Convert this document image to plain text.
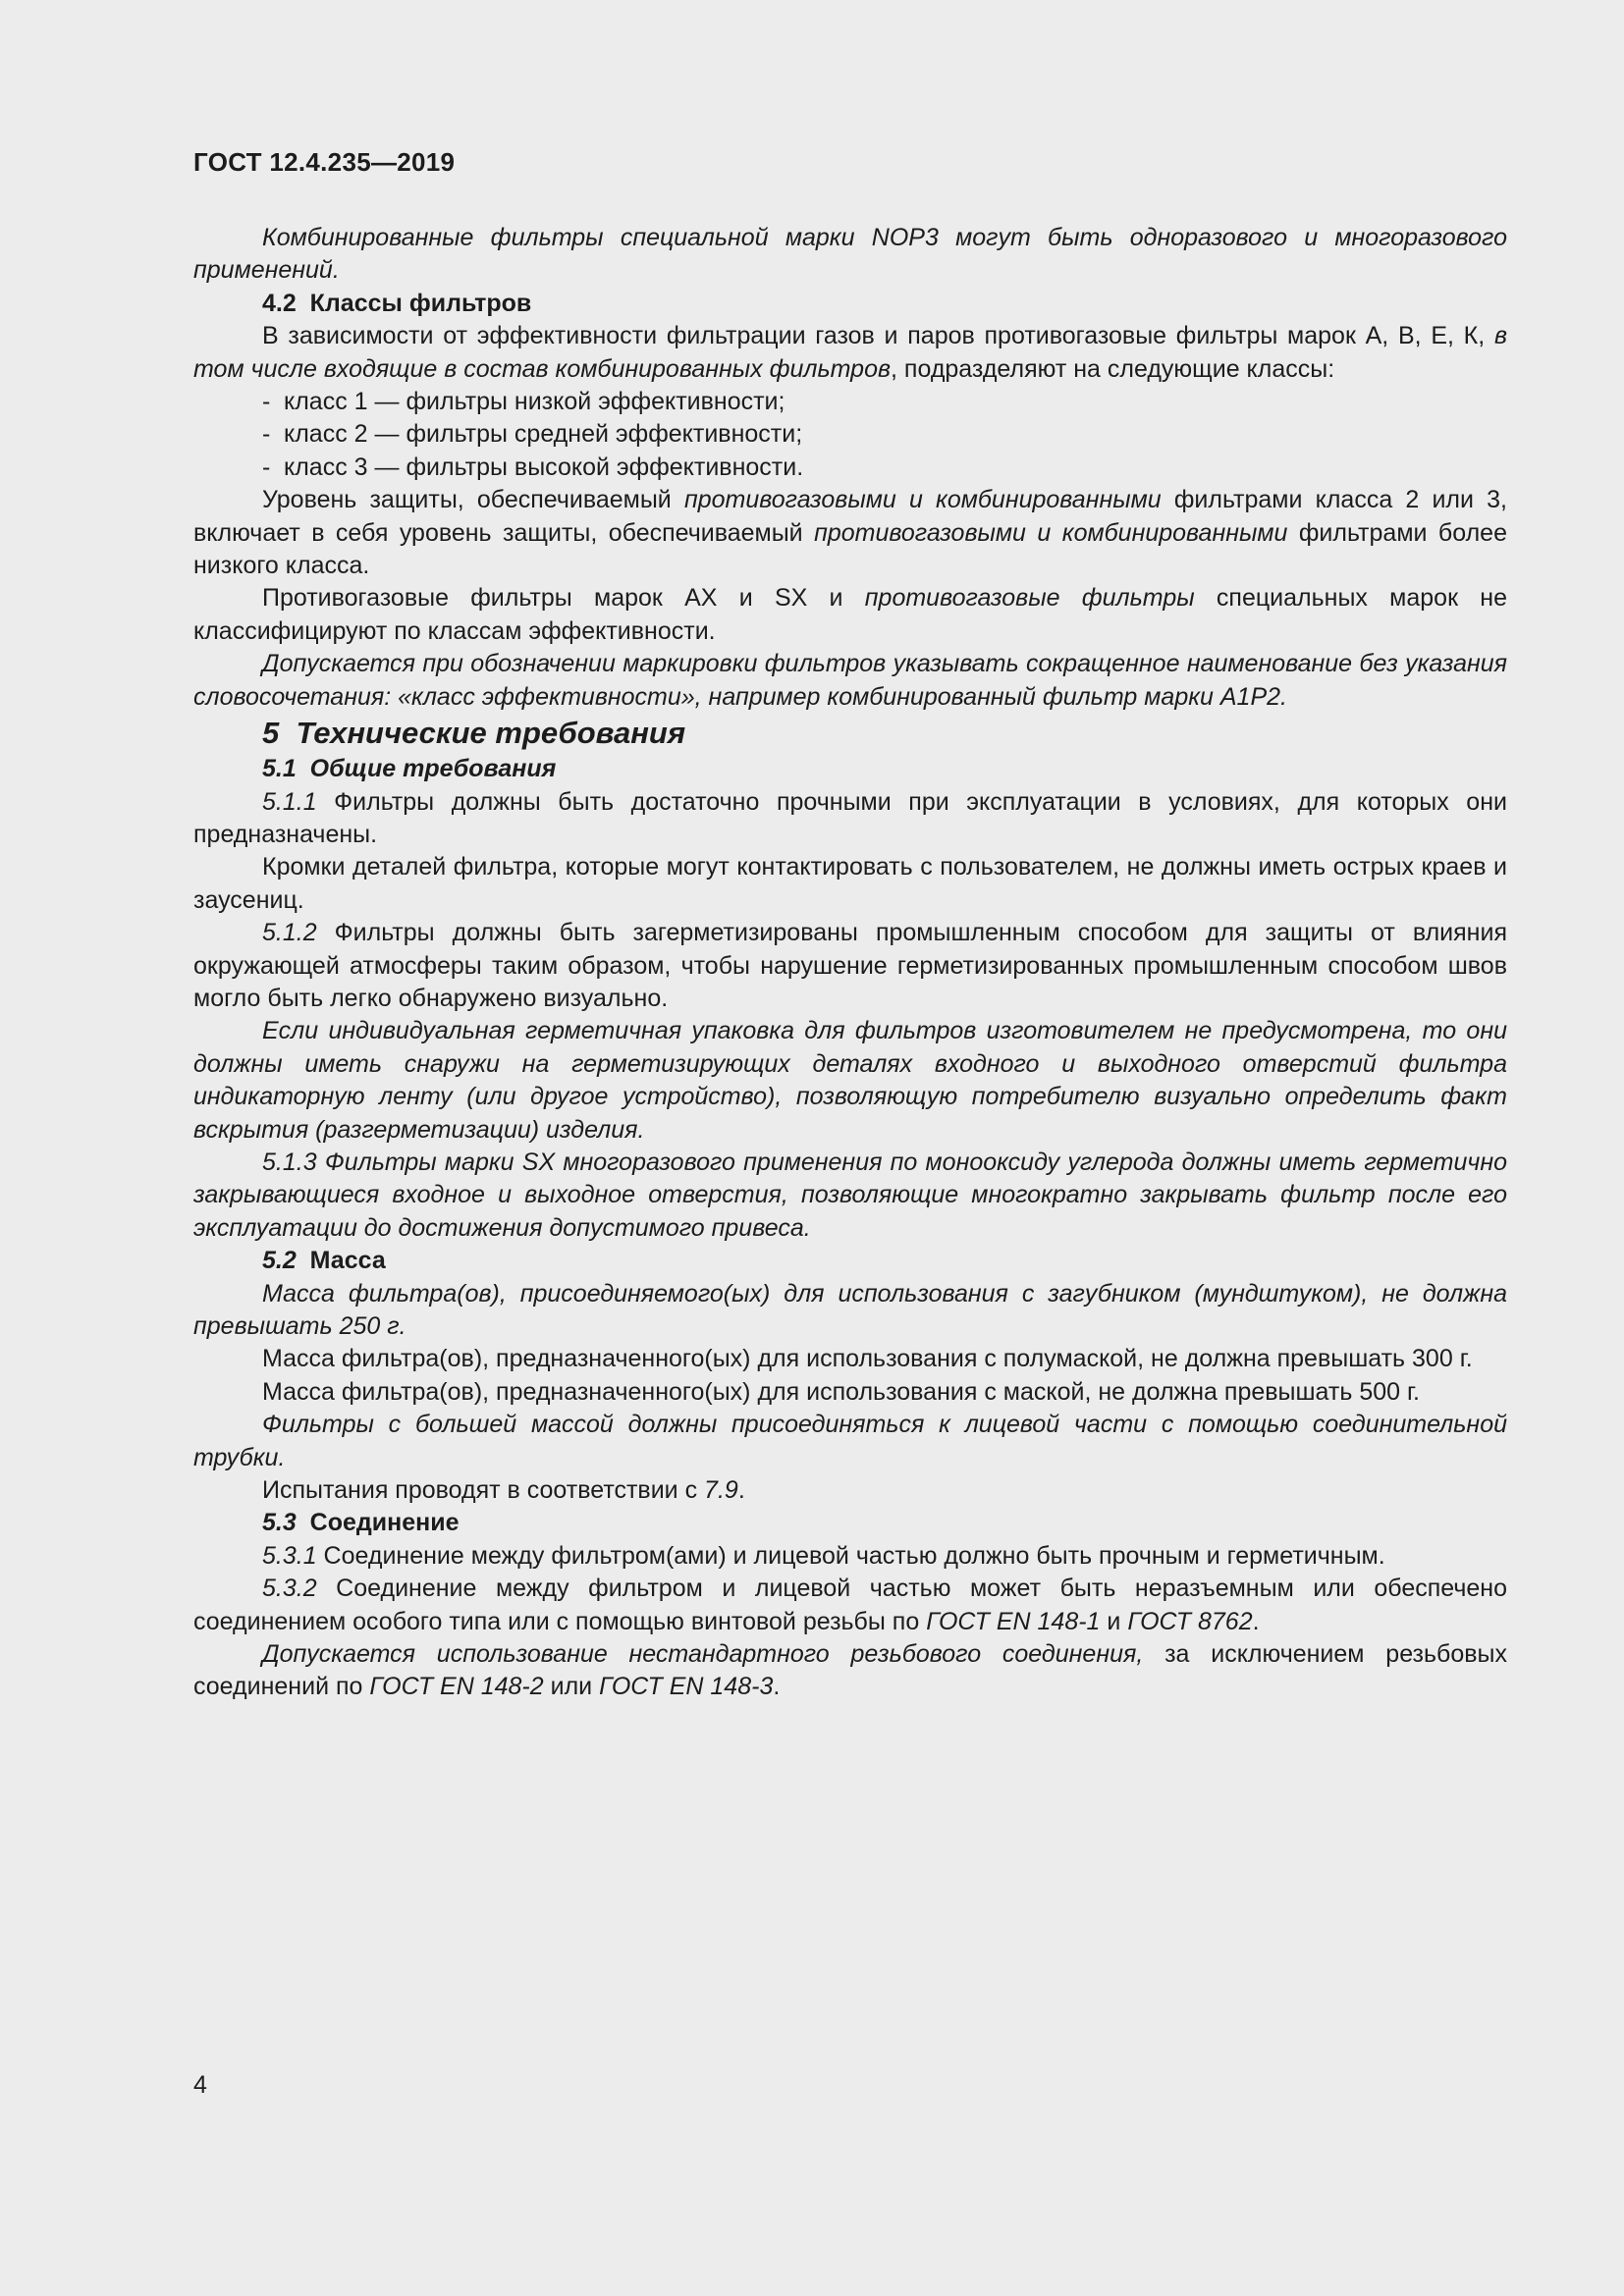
ГОСТ 12.4.235—2019

Комбинированные фильтры специальной марки NOP3 могут быть одноразового и многоразового применений.

4.2 Классы фильтров

В зависимости от эффективности фильтрации газов и паров противогазовые фильтры марок А, В, Е, К, в том числе входящие в состав комбинированных фильтров, подразделяют на следующие классы:

- класс 1 — фильтры низкой эффективности;

- класс 2 — фильтры средней эффективности;

- класс 3 — фильтры высокой эффективности.

Уровень защиты, обеспечиваемый противогазовыми и комбинированными фильтрами класса 2 или 3, включает в себя уровень защиты, обеспечиваемый противогазовыми и комбинированными фильтрами более низкого класса.

Противогазовые фильтры марок АХ и SX и противогазовые фильтры специальных марок не классифицируют по классам эффективности.

Допускается при обозначении маркировки фильтров указывать сокращенное наименование без указания словосочетания: «класс эффективности», например комбинированный фильтр марки А1Р2.

5 Технические требования

5.1 Общие требования

5.1.1 Фильтры должны быть достаточно прочными при эксплуатации в условиях, для которых они предназначены.

Кромки деталей фильтра, которые могут контактировать с пользователем, не должны иметь острых краев и заусениц.

5.1.2 Фильтры должны быть загерметизированы промышленным способом для защиты от влияния окружающей атмосферы таким образом, чтобы нарушение герметизированных промышленным способом швов могло быть легко обнаружено визуально.

Если индивидуальная герметичная упаковка для фильтров изготовителем не предусмотрена, то они должны иметь снаружи на герметизирующих деталях входного и выходного отверстий фильтра индикаторную ленту (или другое устройство), позволяющую потребителю визуально определить факт вскрытия (разгерметизации) изделия.

5.1.3 Фильтры марки SX многоразового применения по монооксиду углерода должны иметь герметично закрывающиеся входное и выходное отверстия, позволяющие многократно закрывать фильтр после его эксплуатации до достижения допустимого привеса.

5.2 Масса

Масса фильтра(ов), присоединяемого(ых) для использования с загубником (мундштуком), не должна превышать 250 г.

Масса фильтра(ов), предназначенного(ых) для использования с полумаской, не должна превышать 300 г.

Масса фильтра(ов), предназначенного(ых) для использования с маской, не должна превышать 500 г.

Фильтры с большей массой должны присоединяться к лицевой части с помощью соединительной трубки.

Испытания проводят в соответствии с 7.9.

5.3 Соединение

5.3.1 Соединение между фильтром(ами) и лицевой частью должно быть прочным и герметичным.

5.3.2 Соединение между фильтром и лицевой частью может быть неразъемным или обеспечено соединением особого типа или с помощью винтовой резьбы по ГОСТ EN 148-1 и ГОСТ 8762.

Допускается использование нестандартного резьбового соединения, за исключением резьбовых соединений по ГОСТ EN 148-2 или ГОСТ EN 148-3.

4
